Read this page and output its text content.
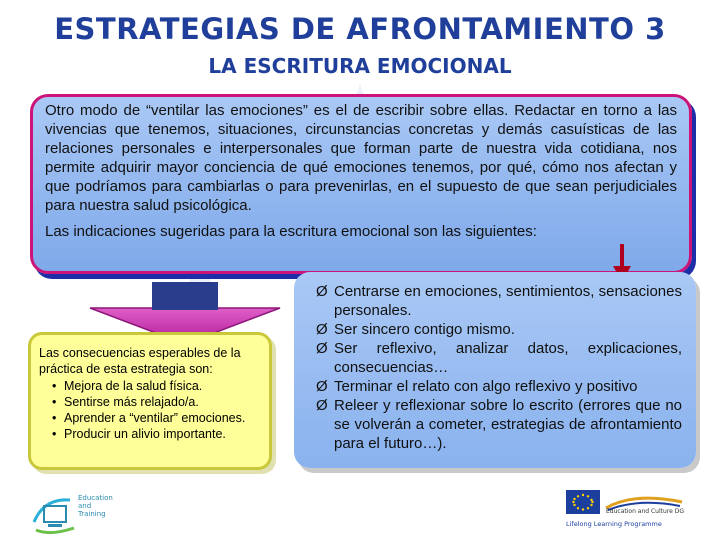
ESTRATEGIAS DE AFRONTAMIENTO 3
LA ESCRITURA EMOCIONAL

Otro modo de “ventilar las emociones” es el de escribir sobre ellas. Redactar en torno a las vivencias que tenemos, situaciones, circunstancias concretas y demás casuísticas de las relaciones personales e interpersonales que forman parte de nuestra vida cotidiana, nos permite adquirir mayor conciencia de qué emociones tenemos, por qué, cómo nos afectan y que podríamos para cambiarlas o para prevenirlas, en el supuesto de que sean perjudiciales para nuestra salud psicológica.

Las indicaciones sugeridas para la escritura emocional son las siguientes:

Las consecuencias esperables de la práctica de esta estrategia son:

• Mejora de la salud física.
• Sentirse más relajado/a.
• Aprender a “ventilar” emociones.
• Producir un alivio importante.
Ø Centrarse en emociones, sentimientos, sensaciones personales.
Ø Ser sincero contigo mismo.
Ø Ser reflexivo, analizar datos, explicaciones, consecuencias…
Ø Terminar el relato con algo reflexivo y positivo
Ø Releer y reflexionar sobre lo escrito (errores que no se volverán a cometer, estrategias de afrontamiento para el futuro…).
Education
and
Training	Education and Culture DG
Lifelong Learning Programme
